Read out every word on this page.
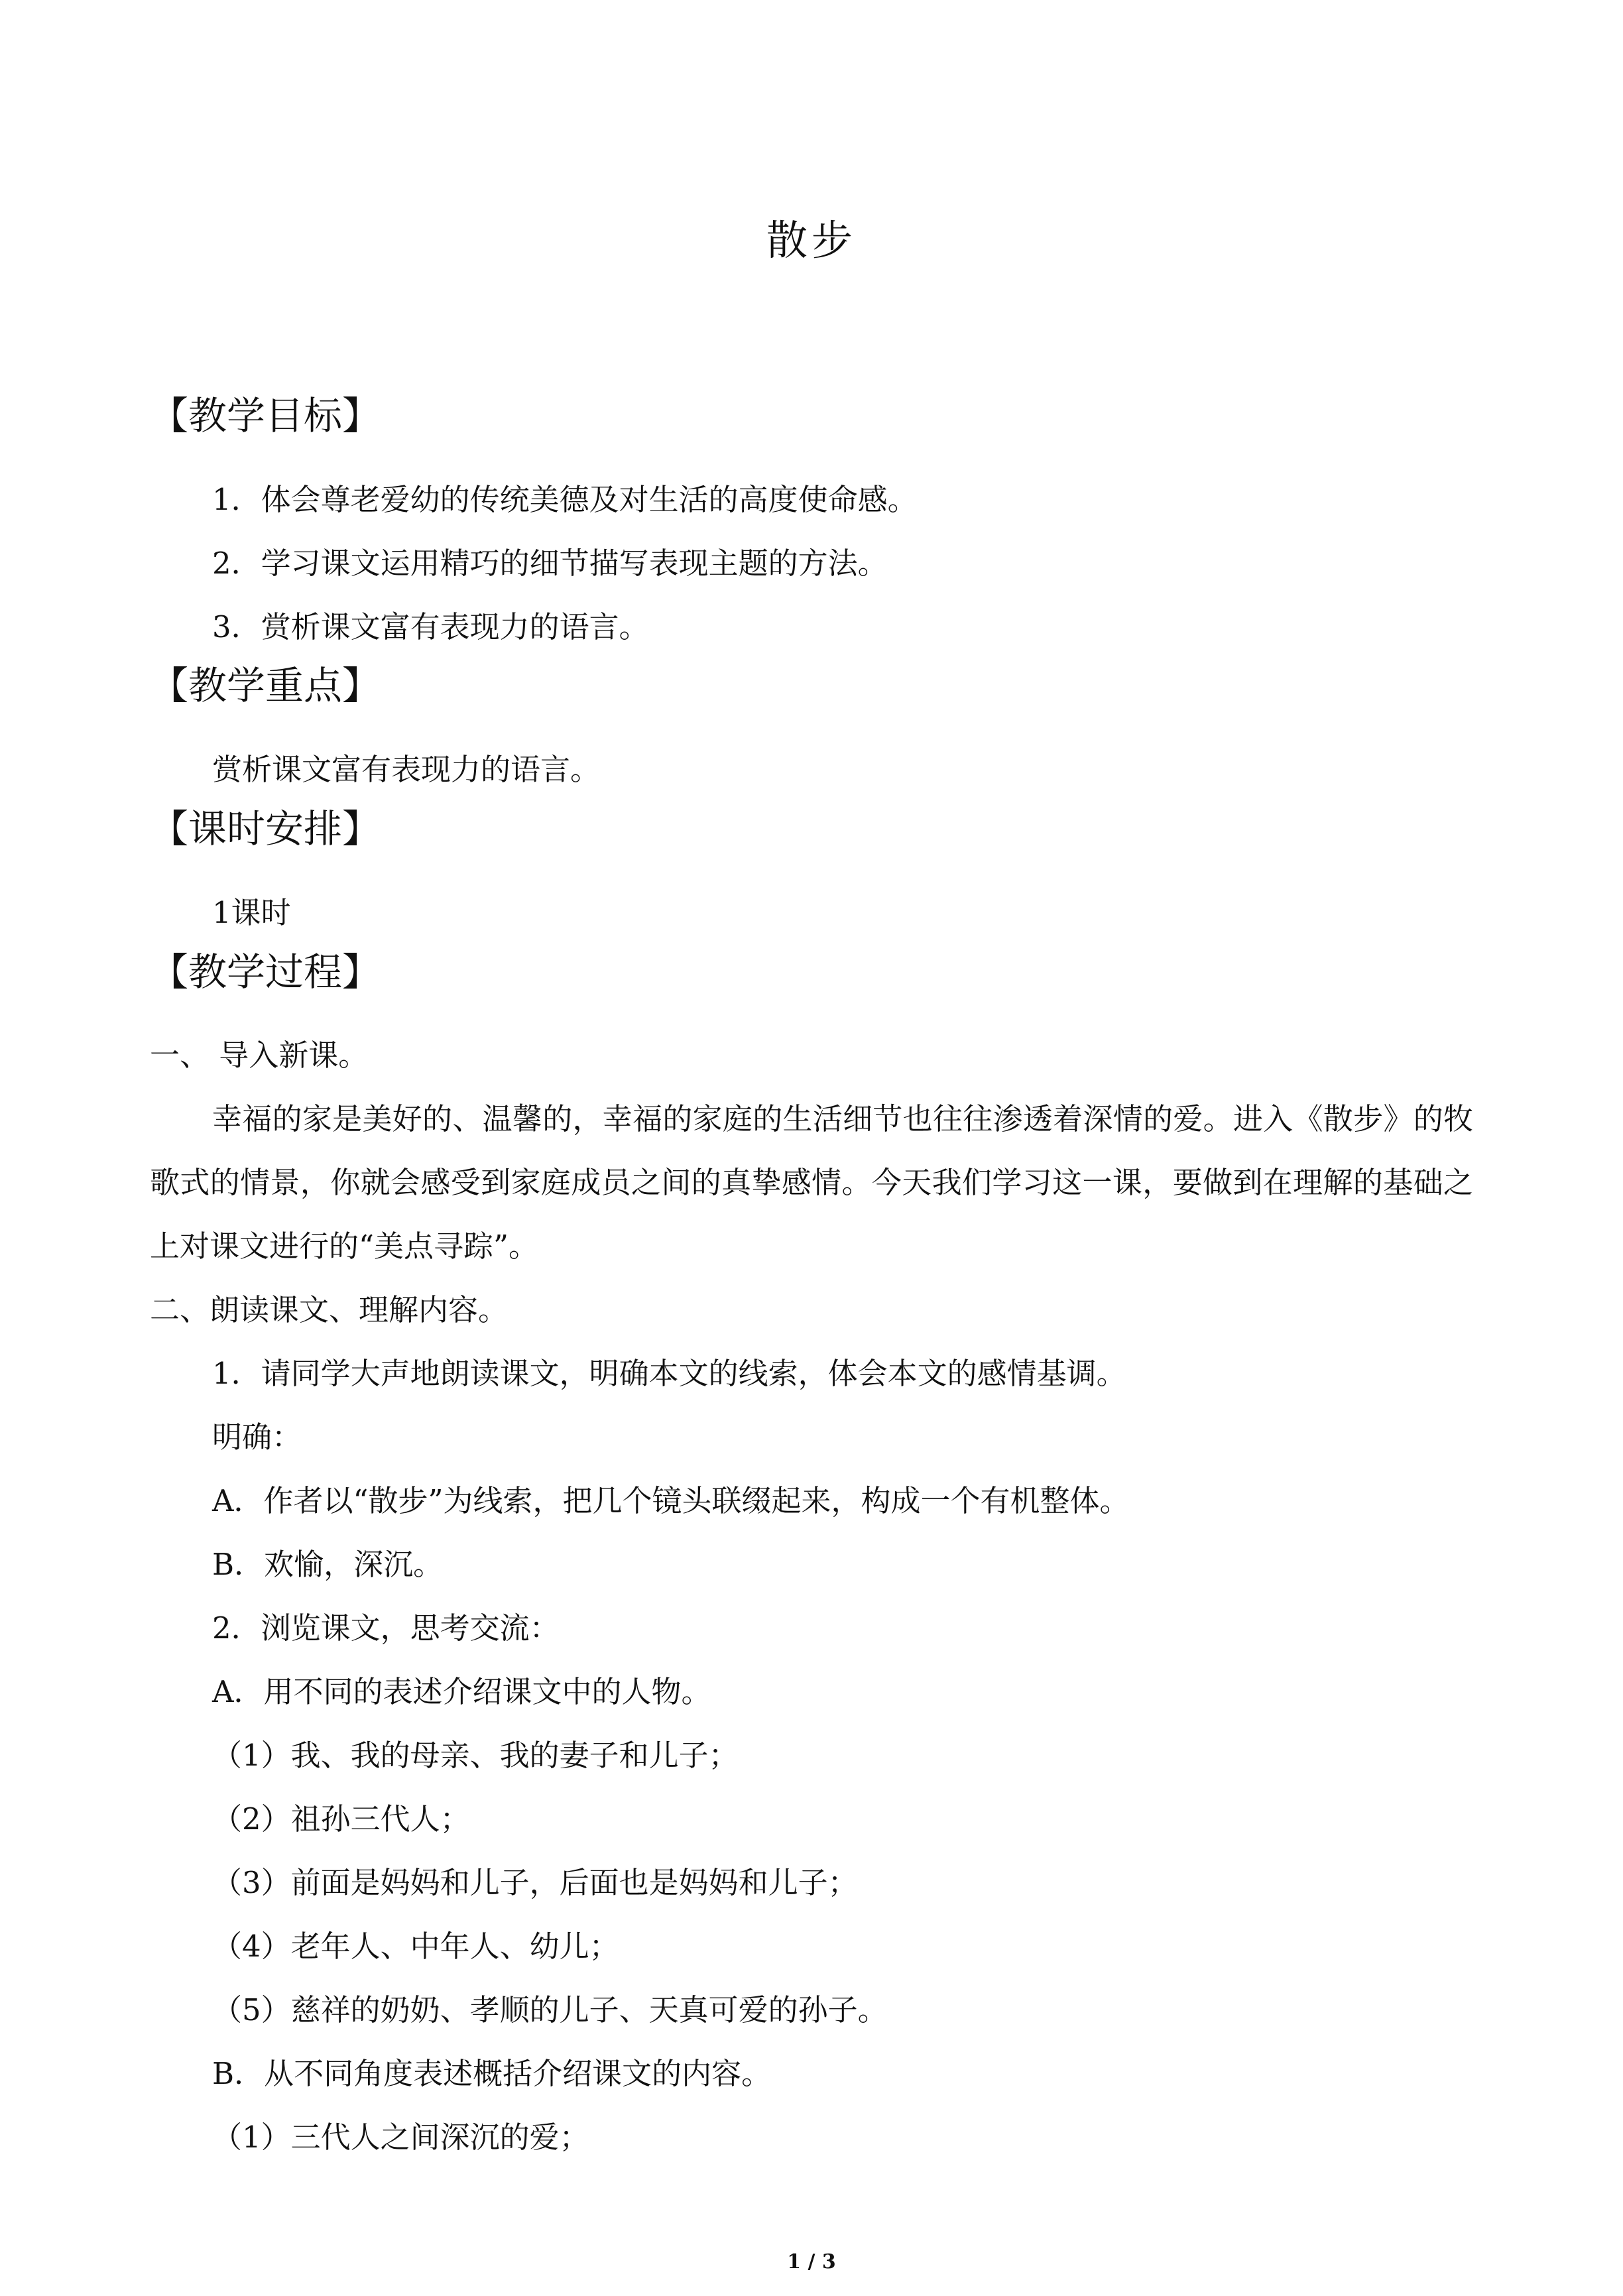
散步
【教学目标】
1．体会尊老爱幼的传统美德及对生活的高度使命感。
2．学习课文运用精巧的细节描写表现主题的方法。
3．赏析课文富有表现力的语言。
【教学重点】
赏析课文富有表现力的语言。
【课时安排】
1课时
【教学过程】
一、 导入新课。
幸福的家是美好的、温馨的，幸福的家庭的生活细节也往往渗透着深情的爱。进入《散步》的牧歌式的情景，你就会感受到家庭成员之间的真挚感情。今天我们学习这一课，要做到在理解的基础之上对课文进行的“美点寻踪”。
二、朗读课文、理解内容。
1．请同学大声地朗读课文，明确本文的线索，体会本文的感情基调。
明确：
A．作者以“散步”为线索，把几个镜头联缀起来，构成一个有机整体。
B．欢愉，深沉。
2．浏览课文，思考交流：
A．用不同的表述介绍课文中的人物。
（1）我、我的母亲、我的妻子和儿子；
（2）祖孙三代人；
（3）前面是妈妈和儿子，后面也是妈妈和儿子；
（4）老年人、中年人、幼儿；
（5）慈祥的奶奶、孝顺的儿子、天真可爱的孙子。
B．从不同角度表述概括介绍课文的内容。
（1）三代人之间深沉的爱；
1 / 3
